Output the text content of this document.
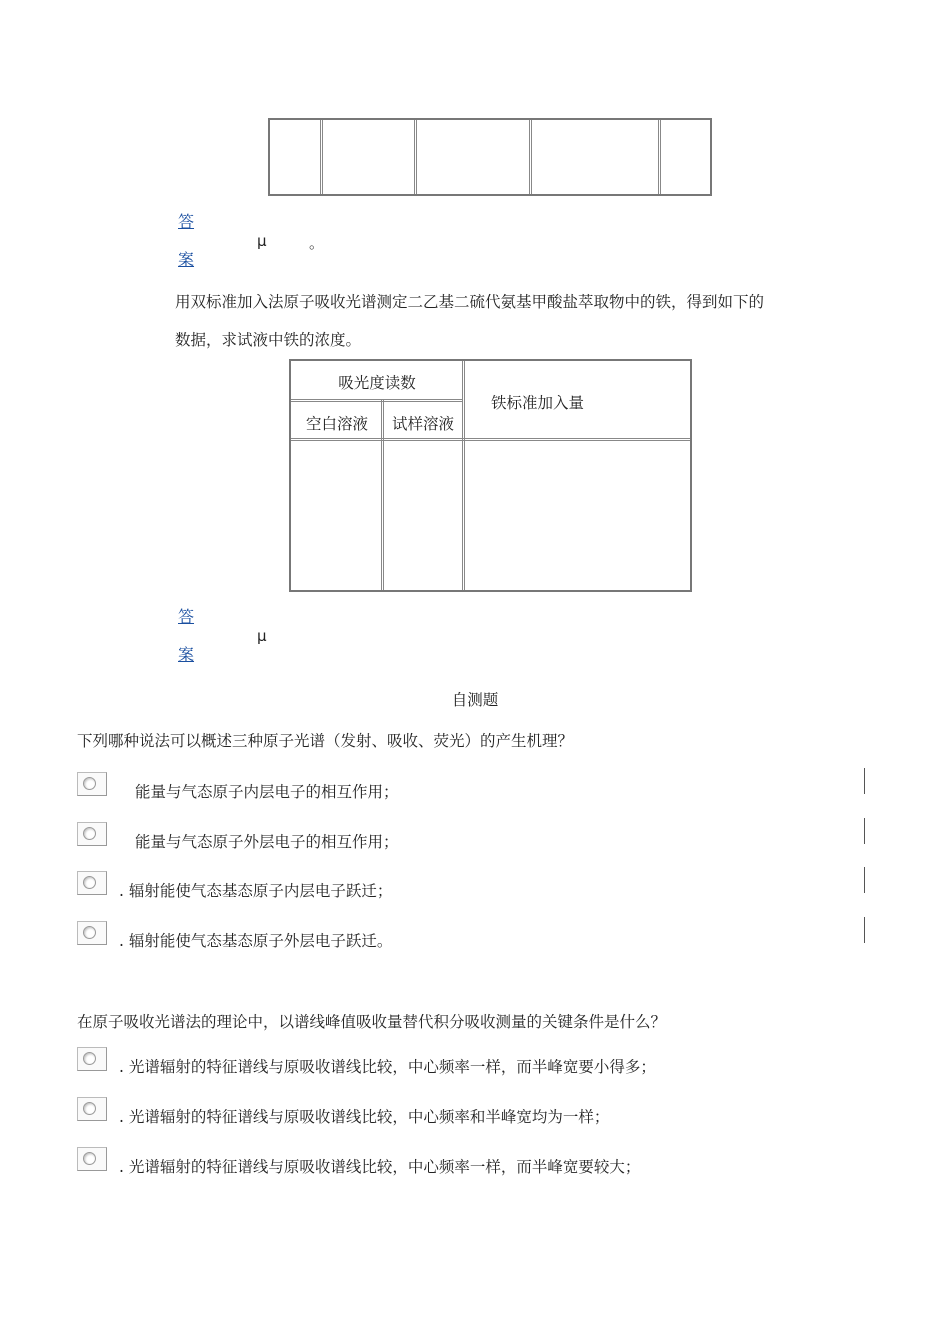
答
案
μ	。
用双标准加入法原子吸收光谱测定二乙基二硫代氨基甲酸盐萃取物中的铁，得到如下的
数据，求试液中铁的浓度。
吸光度读数
空白溶液	试样溶液
铁标准加入量
答
案
μ
自测题
下列哪种说法可以概述三种原子光谱（发射、吸收、荧光）的产生机理？
能量与气态原子内层电子的相互作用；
能量与气态原子外层电子的相互作用；
. 辐射能使气态基态原子内层电子跃迁；
. 辐射能使气态基态原子外层电子跃迁。
在原子吸收光谱法的理论中，以谱线峰值吸收量替代积分吸收测量的关键条件是什么？
. 光谱辐射的特征谱线与原吸收谱线比较，中心频率一样，而半峰宽要小得多；
. 光谱辐射的特征谱线与原吸收谱线比较，中心频率和半峰宽均为一样；
. 光谱辐射的特征谱线与原吸收谱线比较，中心频率一样，而半峰宽要较大；
